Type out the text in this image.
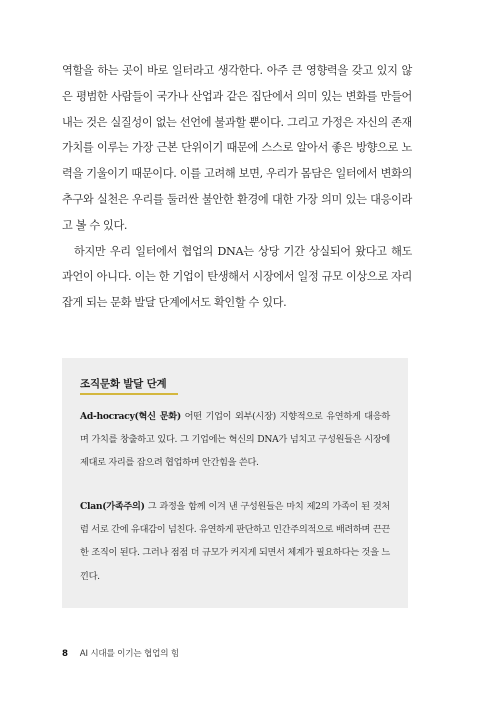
역할을 하는 곳이 바로 일터라고 생각한다. 아주 큰 영향력을 갖고 있지 않은 평범한 사람들이 국가나 산업과 같은 집단에서 의미 있는 변화를 만들어 내는 것은 실질성이 없는 선언에 불과할 뿐이다. 그리고 가정은 자신의 존재가치를 이루는 가장 근본 단위이기 때문에 스스로 알아서 좋은 방향으로 노력을 기울이기 때문이다. 이를 고려해 보면, 우리가 몸담은 일터에서 변화의 추구와 실천은 우리를 둘러싼 불안한 환경에 대한 가장 의미 있는 대응이라고 볼 수 있다.

하지만 우리 일터에서 협업의 DNA는 상당 기간 상실되어 왔다고 해도 과언이 아니다. 이는 한 기업이 탄생해서 시장에서 일정 규모 이상으로 자리 잡게 되는 문화 발달 단계에서도 확인할 수 있다.

조직문화 발달 단계
Ad-hocracy(혁신 문화) 어떤 기업이 외부(시장) 지향적으로 유연하게 대응하며 가치를 창출하고 있다. 그 기업에는 혁신의 DNA가 넘치고 구성원들은 시장에 제대로 자리를 잡으려 협업하며 안간힘을 쓴다.
Clan(가족주의) 그 과정을 함께 이겨 낸 구성원들은 마치 제2의 가족이 된 것처럼 서로 간에 유대감이 넘친다. 유연하게 판단하고 인간주의적으로 배려하며 끈끈한 조직이 된다. 그러나 점점 더 규모가 커지게 되면서 체계가 필요하다는 것을 느낀다.
8 AI 시대를 이기는 협업의 힘
